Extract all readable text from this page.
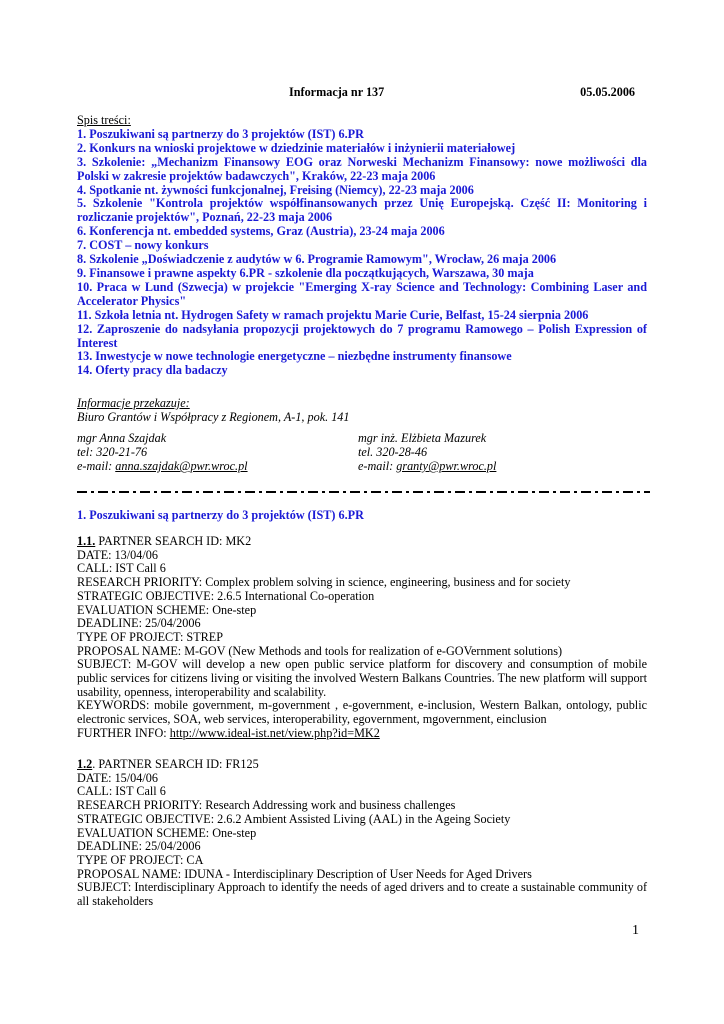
Informacja nr 137	05.05.2006
Spis treści:
1. Poszukiwani są partnerzy do 3 projektów (IST) 6.PR
2. Konkurs na wnioski projektowe w dziedzinie materiałów i inżynierii materiałowej
3. Szkolenie: „Mechanizm Finansowy EOG oraz Norweski Mechanizm Finansowy: nowe możliwości dla Polski w zakresie projektów badawczych", Kraków, 22-23 maja 2006
4. Spotkanie nt. żywności funkcjonalnej, Freising (Niemcy), 22-23 maja 2006
5. Szkolenie "Kontrola projektów współfinansowanych przez Unię Europejską. Część II: Monitoring i rozliczanie projektów", Poznań, 22-23 maja 2006
6. Konferencja nt. embedded systems, Graz (Austria), 23-24 maja 2006
7. COST – nowy konkurs
8. Szkolenie „Doświadczenie z audytów w 6. Programie Ramowym", Wrocław, 26 maja 2006
9. Finansowe i prawne aspekty 6.PR - szkolenie dla początkujących, Warszawa, 30 maja
10. Praca w Lund (Szwecja) w projekcie "Emerging X-ray Science and Technology: Combining Laser and Accelerator Physics"
11. Szkoła letnia nt. Hydrogen Safety w ramach projektu Marie Curie, Belfast, 15-24 sierpnia 2006
12. Zaproszenie do nadsyłania propozycji projektowych do 7 programu Ramowego – Polish Expression of Interest
13. Inwestycje w nowe technologie energetyczne – niezbędne instrumenty finansowe
14. Oferty pracy dla badaczy
Informacje przekazuje:
Biuro Grantów i Współpracy z Regionem, A-1, pok. 141
mgr Anna Szajdak
tel: 320-21-76
e-mail: anna.szajdak@pwr.wroc.pl
mgr inż. Elżbieta Mazurek
tel. 320-28-46
e-mail: granty@pwr.wroc.pl
1. Poszukiwani są partnerzy do 3 projektów (IST) 6.PR
1.1. PARTNER SEARCH ID: MK2
DATE: 13/04/06
CALL: IST Call 6
RESEARCH PRIORITY: Complex problem solving in science, engineering, business and for society
STRATEGIC OBJECTIVE: 2.6.5 International Co-operation
EVALUATION SCHEME: One-step
DEADLINE: 25/04/2006
TYPE OF PROJECT: STREP
PROPOSAL NAME: M-GOV (New Methods and tools for realization of e-GOVernment solutions)
SUBJECT: M-GOV will develop a new open public service platform for discovery and consumption of mobile public services for citizens living or visiting the involved Western Balkans Countries. The new platform will support usability, openness, interoperability and scalability.
KEYWORDS: mobile government, m-government , e-government, e-inclusion, Western Balkan, ontology, public electronic services, SOA, web services, interoperability, egovernment, mgovernment, einclusion
FURTHER INFO: http://www.ideal-ist.net/view.php?id=MK2
1.2. PARTNER SEARCH ID: FR125
DATE: 15/04/06
CALL: IST Call 6
RESEARCH PRIORITY: Research Addressing work and business challenges
STRATEGIC OBJECTIVE: 2.6.2 Ambient Assisted Living (AAL) in the Ageing Society
EVALUATION SCHEME: One-step
DEADLINE: 25/04/2006
TYPE OF PROJECT: CA
PROPOSAL NAME: IDUNA - Interdisciplinary Description of User Needs for Aged Drivers
SUBJECT: Interdisciplinary Approach to identify the needs of aged drivers and to create a sustainable community of all stakeholders
1
